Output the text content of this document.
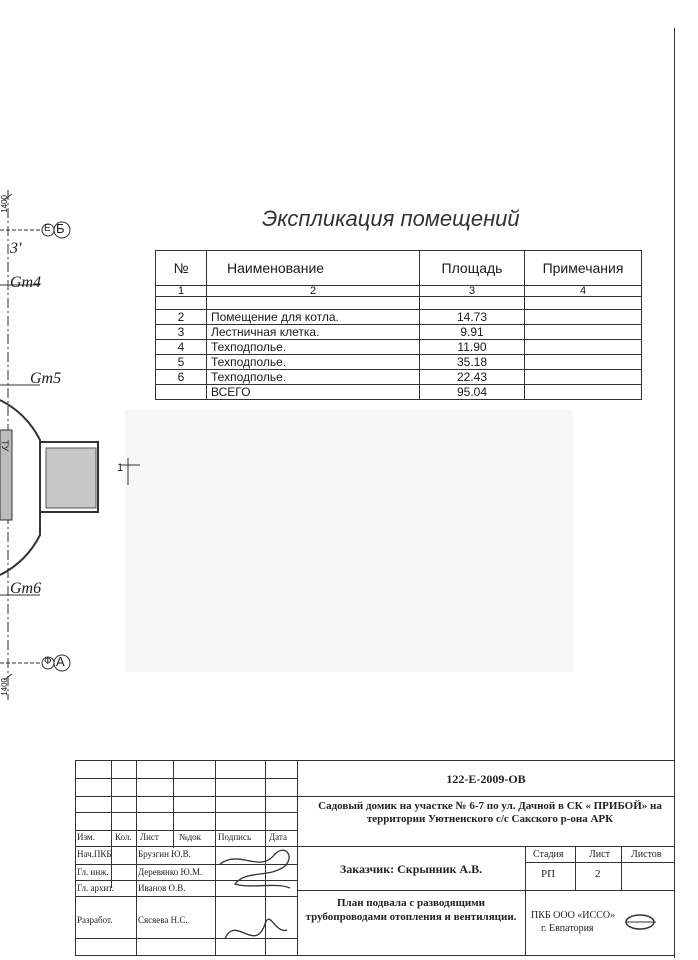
1400
1400
Е Б
Ф А
3'
Gт4
Gт5
Gт6
1
ТУ
Экспликация помещений
№	Наименование	Площадь	Примечания
1	2	3	4

2	Помещение для котла.	14.73	
3	Лестничная клетка.	9.91	
4	Техподполье.	11.90	
5	Техподполье.	35.18	
6	Техподполье.	22.43	
	ВСЕГО	95.04	
Изм. Кол. Лист №док Подпись Дата
Нач.ПКБ	Брузгин Ю.В.
Гл. инж.	Деревянко Ю.М.
Гл. архит.	Иванов О.В.
Разработ.	Сясяева Н.С.
122-Е-2009-ОВ
Садовый домик на участке № 6-7 по ул. Дачной в СК « ПРИБОЙ» на территории Уютненского с/с Сакского р-она АРК
Заказчик: Скрынник А.В.
Стадия	Лист Листов
РП	2
План подвала с разводящими трубопроводами отопления и вентиляции. ПКБ ООО «ИССО»
г. Евпатория
